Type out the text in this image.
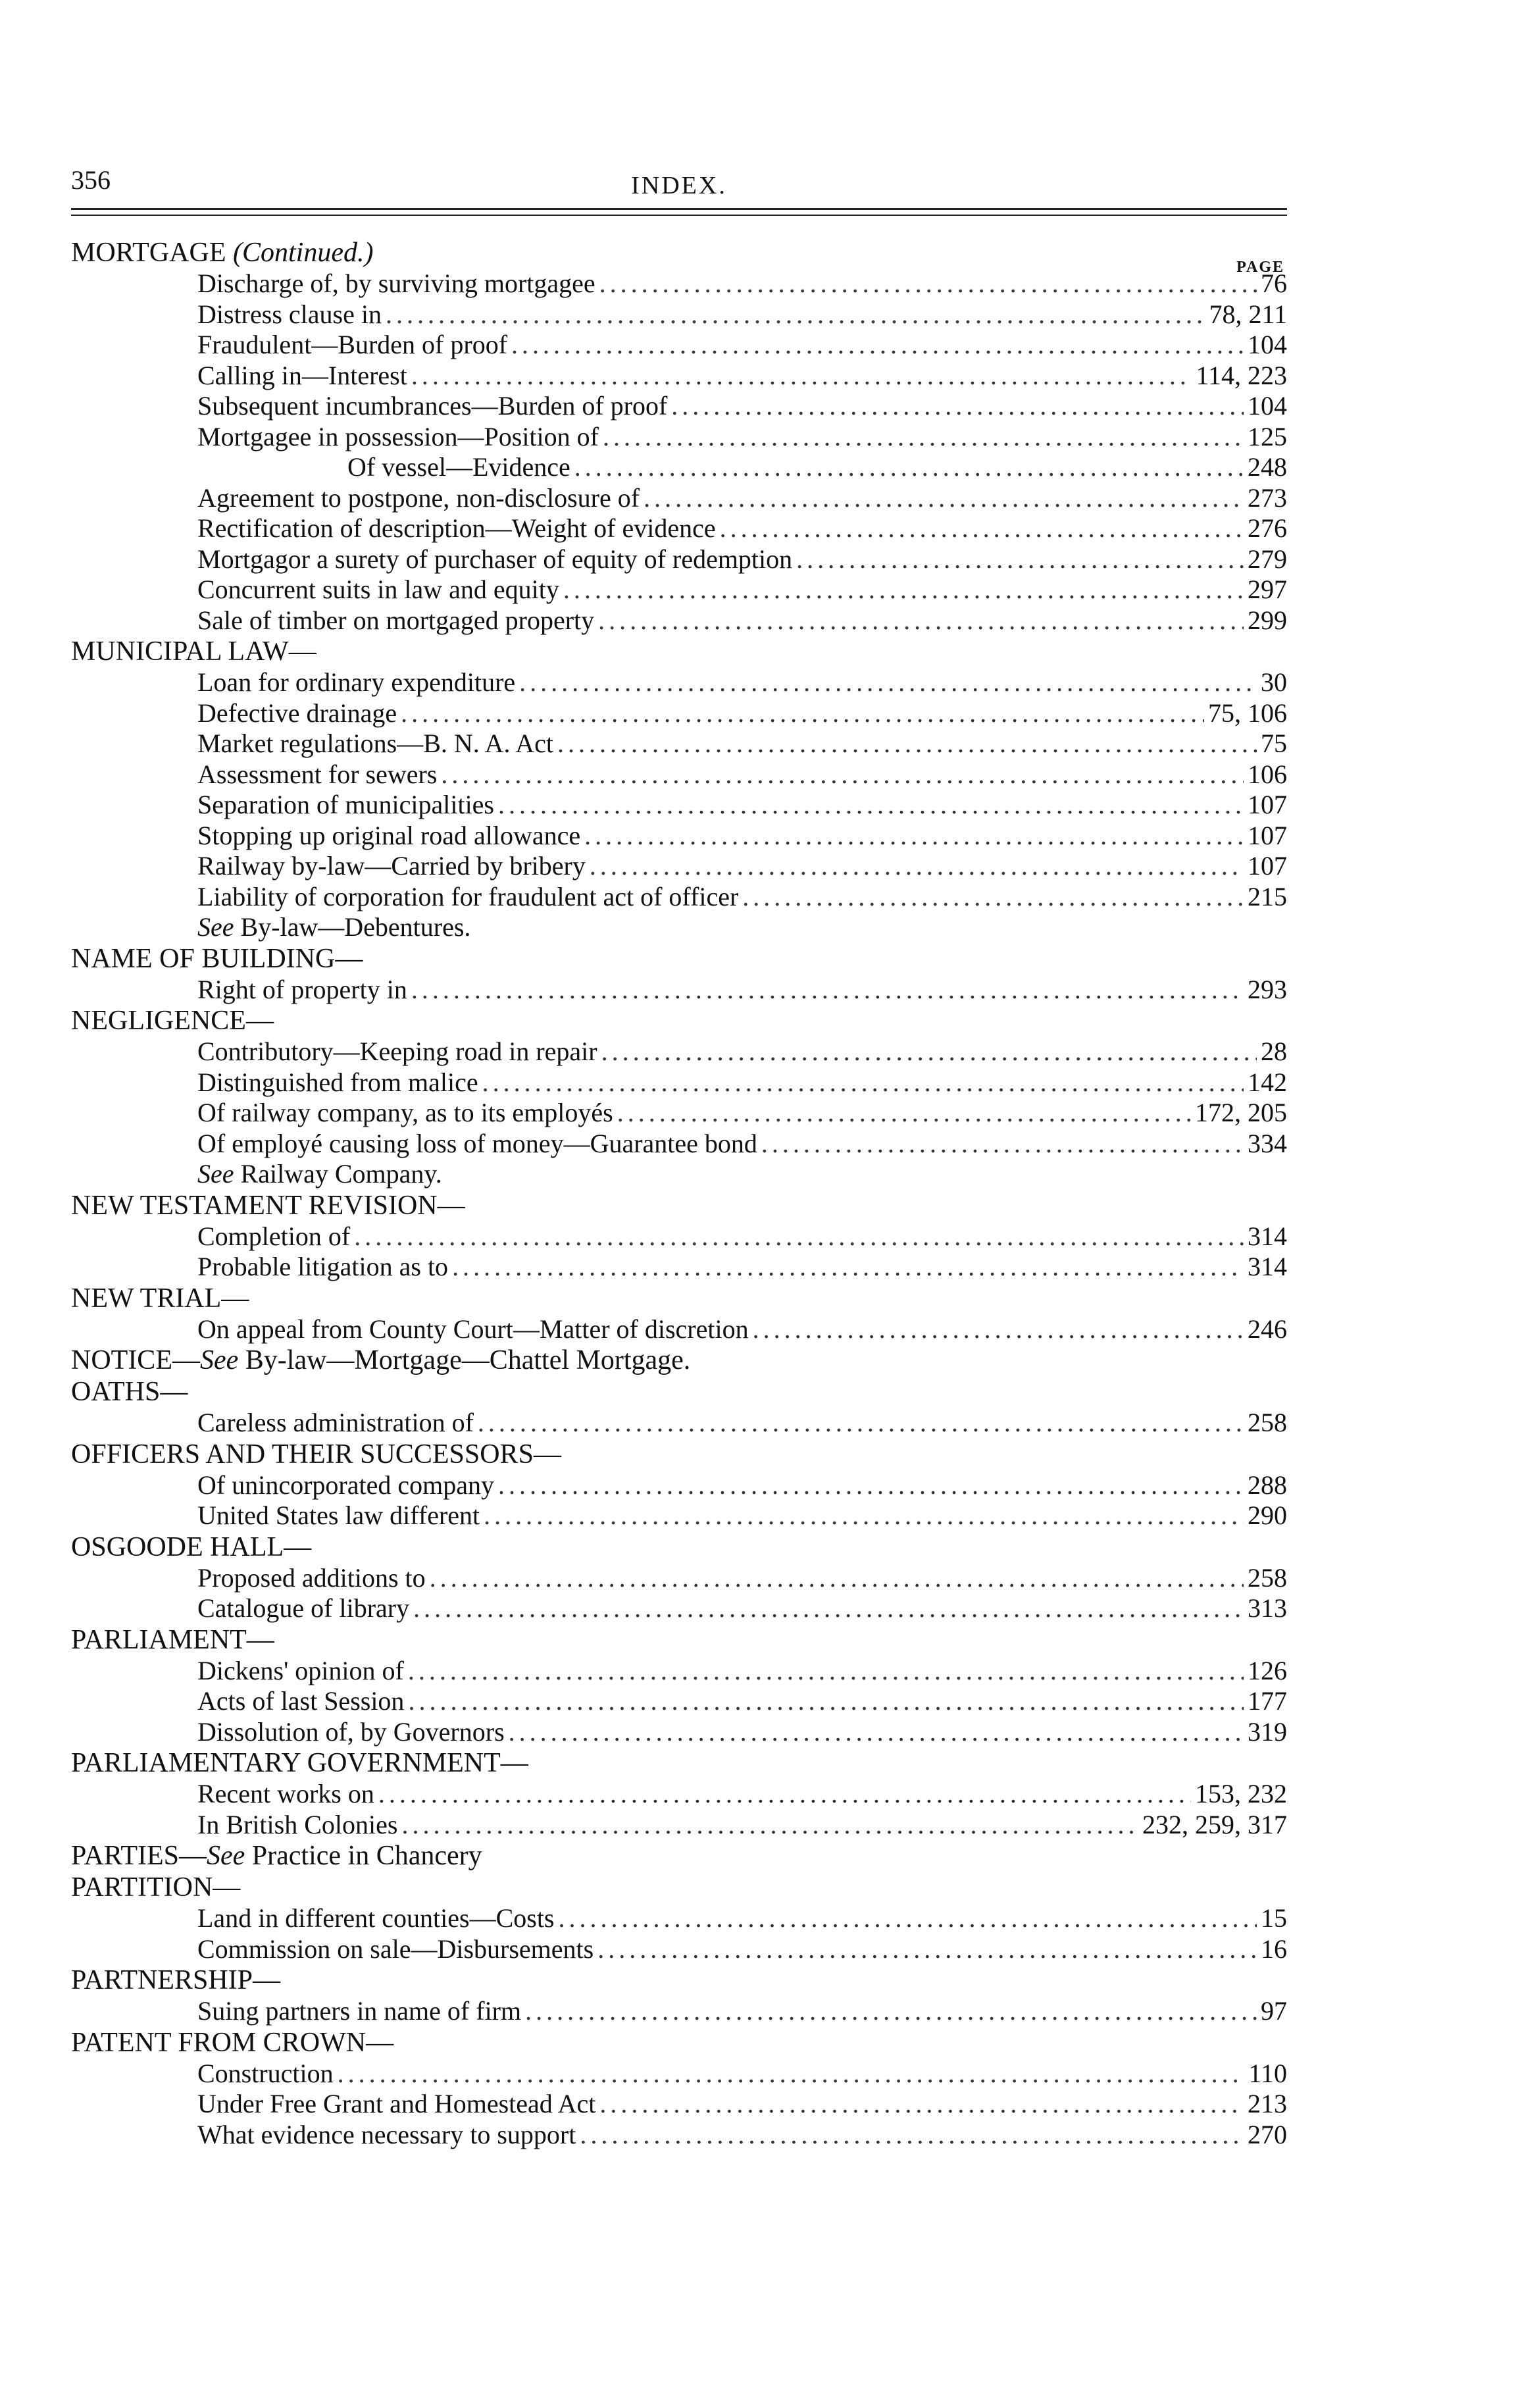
356	INDEX.
MORTGAGE (Continued.)	PAGE
Discharge of, by surviving mortgagee .....	76
Distress clause in .....	78, 211
Fraudulent—Burden of proof .....	104
Calling in—Interest .....	114, 223
Subsequent incumbrances—Burden of proof .....	104
Mortgagee in possession—Position of .....	125
Of vessel—Evidence .....	248
Agreement to postpone, non-disclosure of .....	273
Rectification of description—Weight of evidence .....	276
Mortgagor a surety of purchaser of equity of redemption .....	279
Concurrent suits in law and equity .....	297
Sale of timber on mortgaged property .....	299
MUNICIPAL LAW—
Loan for ordinary expenditure .....	30
Defective drainage .....	75, 106
Market regulations—B. N. A. Act .....	75
Assessment for sewers .....	106
Separation of municipalities .....	107
Stopping up original road allowance .....	107
Railway by-law—Carried by bribery .....	107
Liability of corporation for fraudulent act of officer .....	215
See By-law—Debentures.
NAME OF BUILDING—
Right of property in .....	293
NEGLIGENCE—
Contributory—Keeping road in repair .....	28
Distinguished from malice .....	142
Of railway company, as to its employés .....	172, 205
Of employé causing loss of money—Guarantee bond .....	334
See Railway Company.
NEW TESTAMENT REVISION—
Completion of .....	314
Probable litigation as to .....	314
NEW TRIAL—
On appeal from County Court—Matter of discretion .....	246
NOTICE—See By-law—Mortgage—Chattel Mortgage.
OATHS—
Careless administration of .....	258
OFFICERS AND THEIR SUCCESSORS—
Of unincorporated company .....	288
United States law different .....	290
OSGOODE HALL—
Proposed additions to .....	258
Catalogue of library .....	313
PARLIAMENT—
Dickens' opinion of .....	126
Acts of last Session .....	177
Dissolution of, by Governors .....	319
PARLIAMENTARY GOVERNMENT—
Recent works on .....	153, 232
In British Colonies .....	232, 259, 317
PARTIES—See Practice in Chancery
PARTITION—
Land in different counties—Costs .....	15
Commission on sale—Disbursements .....	16
PARTNERSHIP—
Suing partners in name of firm .....	97
PATENT FROM CROWN—
Construction .....	110
Under Free Grant and Homestead Act .....	213
What evidence necessary to support .....	270
